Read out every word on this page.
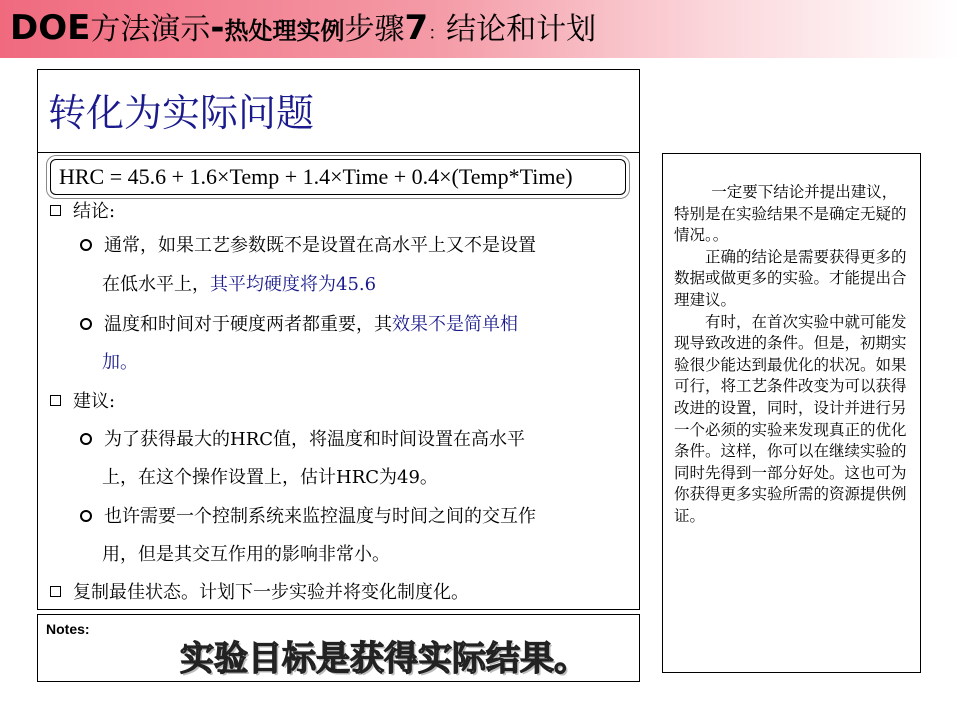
DOE方法演示-热处理实例步骤7：结论和计划
转化为实际问题
HRC = 45.6 + 1.6×Temp + 1.4×Time + 0.4×(Temp*Time)
结论:
通常，如果工艺参数既不是设置在高水平上又不是设置
在低水平上，其平均硬度将为45.6
温度和时间对于硬度两者都重要，其效果不是简单相
加。
建议:
为了获得最大的HRC值，将温度和时间设置在高水平
上，在这个操作设置上，估计HRC为49。
也许需要一个控制系统来监控温度与时间之间的交互作
用，但是其交互作用的影响非常小。
复制最佳状态。计划下一步实验并将变化制度化。
Notes:
实验目标是获得实际结果。

一定要下结论并提出建议，特别是在实验结果不是确定无疑的情况。。

正确的结论是需要获得更多的数据或做更多的实验。才能提出合理建议。

有时，在首次实验中就可能发现导致改进的条件。但是，初期实验很少能达到最优化的状况。如果可行，将工艺条件改变为可以获得改进的设置，同时，设计并进行另一个必须的实验来发现真正的优化条件。这样，你可以在继续实验的同时先得到一部分好处。这也可为你获得更多实验所需的资源提供例证。
